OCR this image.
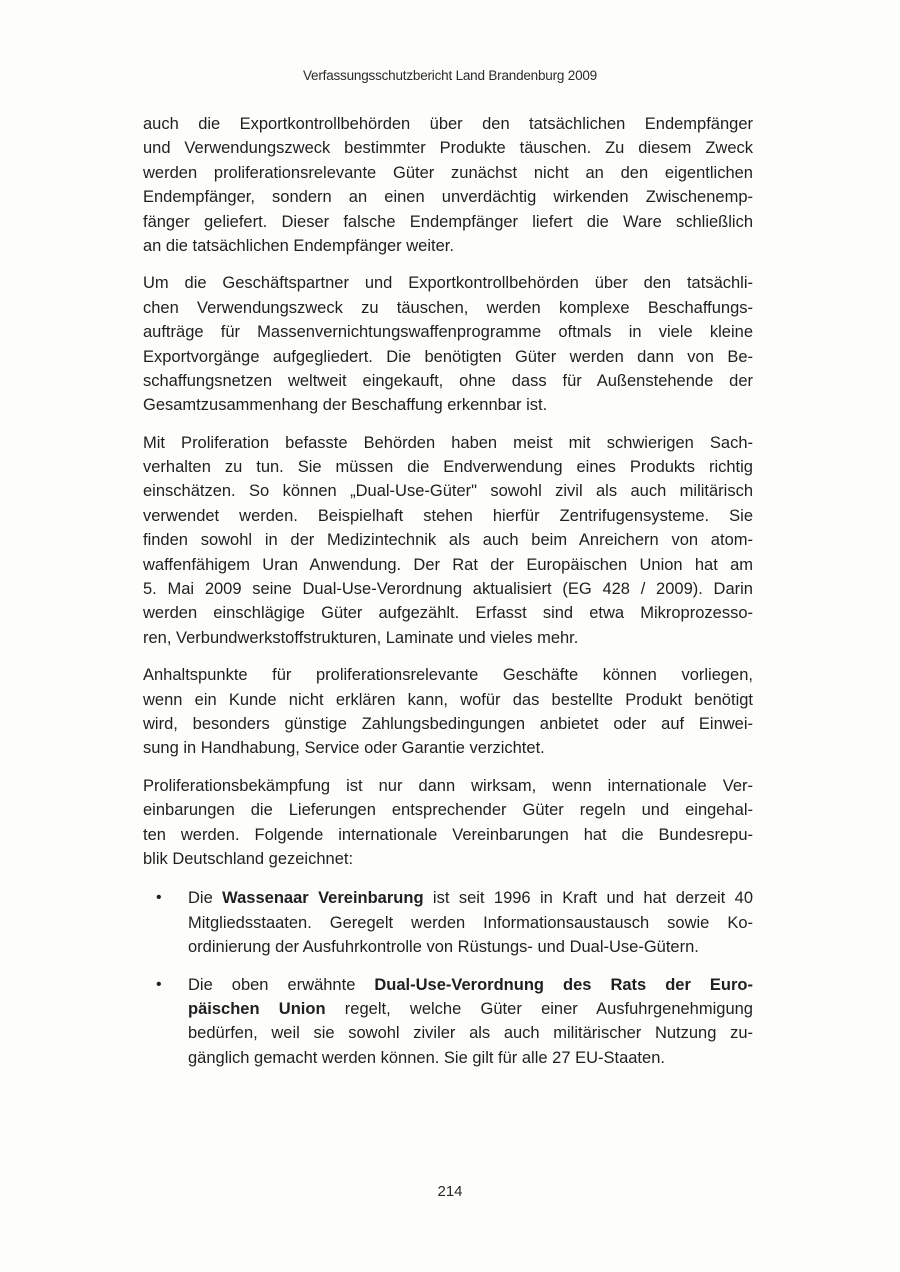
Verfassungsschutzbericht Land Brandenburg 2009
auch die Exportkontrollbehörden über den tatsächlichen Endempfänger
und Verwendungszweck bestimmter Produkte täuschen. Zu diesem Zweck
werden proliferationsrelevante Güter zunächst nicht an den eigentlichen
Endempfänger, sondern an einen unverdächtig wirkenden Zwischenemp-
fänger geliefert. Dieser falsche Endempfänger liefert die Ware schließlich
an die tatsächlichen Endempfänger weiter.
Um die Geschäftspartner und Exportkontrollbehörden über den tatsächli-
chen Verwendungszweck zu täuschen, werden komplexe Beschaffungs-
aufträge für Massenvernichtungswaffenprogramme oftmals in viele kleine
Exportvorgänge aufgegliedert. Die benötigten Güter werden dann von Be-
schaffungsnetzen weltweit eingekauft, ohne dass für Außenstehende der
Gesamtzusammenhang der Beschaffung erkennbar ist.
Mit Proliferation befasste Behörden haben meist mit schwierigen Sach-
verhalten zu tun. Sie müssen die Endverwendung eines Produkts richtig
einschätzen. So können „Dual-Use-Güter" sowohl zivil als auch militärisch
verwendet werden. Beispielhaft stehen hierfür Zentrifugensysteme. Sie
finden sowohl in der Medizintechnik als auch beim Anreichern von atom-
waffenfähigem Uran Anwendung. Der Rat der Europäischen Union hat am
5. Mai 2009 seine Dual-Use-Verordnung aktualisiert (EG 428 / 2009). Darin
werden einschlägige Güter aufgezählt. Erfasst sind etwa Mikroprozesso-
ren, Verbundwerkstoffstrukturen, Laminate und vieles mehr.
Anhaltspunkte für proliferationsrelevante Geschäfte können vorliegen,
wenn ein Kunde nicht erklären kann, wofür das bestellte Produkt benötigt
wird, besonders günstige Zahlungsbedingungen anbietet oder auf Einwei-
sung in Handhabung, Service oder Garantie verzichtet.
Proliferationsbekämpfung ist nur dann wirksam, wenn internationale Ver-
einbarungen die Lieferungen entsprechender Güter regeln und eingehal-
ten werden. Folgende internationale Vereinbarungen hat die Bundesrepu-
blik Deutschland gezeichnet:
• Die Wassenaar Vereinbarung ist seit 1996 in Kraft und hat derzeit 40
Mitgliedsstaaten. Geregelt werden Informationsaustausch sowie Ko-
ordinierung der Ausfuhrkontrolle von Rüstungs- und Dual-Use-Gütern.
• Die oben erwähnte Dual-Use-Verordnung des Rats der Euro-
päischen Union regelt, welche Güter einer Ausfuhrgenehmigung
bedürfen, weil sie sowohl ziviler als auch militärischer Nutzung zu-
gänglich gemacht werden können. Sie gilt für alle 27 EU-Staaten.
214
